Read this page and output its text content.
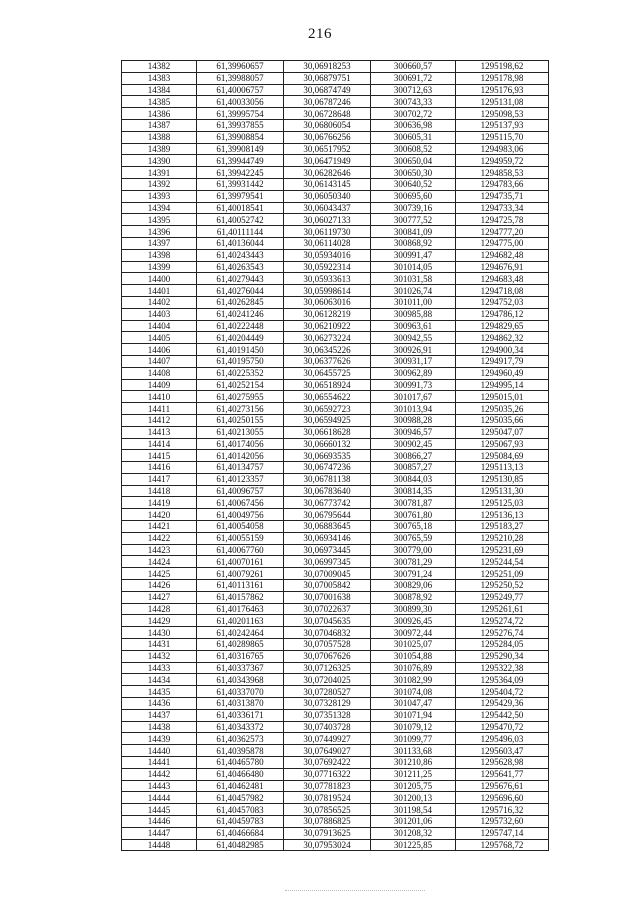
216
14382	61,39960657	30,06918253	300660,57	1295198,62
14383	61,39988057	30,06879751	300691,72	1295178,98
14384	61,40006757	30,06874749	300712,63	1295176,93
14385	61,40033056	30,06787246	300743,33	1295131,08
14386	61,39995754	30,06728648	300702,72	1295098,53
14387	61,39937855	30,06806054	300636,98	1295137,93
14388	61,39908854	30,06766256	300605,31	1295115,70
14389	61,39908149	30,06517952	300608,52	1294983,06
14390	61,39944749	30,06471949	300650,04	1294959,72
14391	61,39942245	30,06282646	300650,30	1294858,53
14392	61,39931442	30,06143145	300640,52	1294783,66
14393	61,39979541	30,06050340	300695,60	1294735,71
14394	61,40018541	30,06043437	300739,16	1294733,34
14395	61,40052742	30,06027133	300777,52	1294725,78
14396	61,40111144	30,06119730	300841,09	1294777,20
14397	61,40136044	30,06114028	300868,92	1294775,00
14398	61,40243443	30,05934016	300991,47	1294682,48
14399	61,40263543	30,05922314	301014,05	1294676,91
14400	61,40279443	30,05933613	301031,58	1294683,48
14401	61,40276044	30,05998614	301026,74	1294718,08
14402	61,40262845	30,06063016	301011,00	1294752,03
14403	61,40241246	30,06128219	300985,88	1294786,12
14404	61,40222448	30,06210922	300963,61	1294829,65
14405	61,40204449	30,06273224	300942,55	1294862,32
14406	61,40191450	30,06345226	300926,91	1294900,34
14407	61,40195750	30,06377626	300931,17	1294917,79
14408	61,40225352	30,06455725	300962,89	1294960,49
14409	61,40252154	30,06518924	300991,73	1294995,14
14410	61,40275955	30,06554622	301017,67	1295015,01
14411	61,40273156	30,06592723	301013,94	1295035,26
14412	61,40250155	30,06594925	300988,28	1295035,66
14413	61,40213055	30,06618628	300946,57	1295047,07
14414	61,40174056	30,06660132	300902,45	1295067,93
14415	61,40142056	30,06693535	300866,27	1295084,69
14416	61,40134757	30,06747236	300857,27	1295113,13
14417	61,40123357	30,06781138	300844,03	1295130,85
14418	61,40096757	30,06783640	300814,35	1295131,30
14419	61,40067456	30,06773742	300781,87	1295125,03
14420	61,40049756	30,06795644	300761,80	1295136,13
14421	61,40054058	30,06883645	300765,18	1295183,27
14422	61,40055159	30,06934146	300765,59	1295210,28
14423	61,40067760	30,06973445	300779,00	1295231,69
14424	61,40070161	30,06997345	300781,29	1295244,54
14425	61,40079261	30,07009045	300791,24	1295251,09
14426	61,40113161	30,07005842	300829,06	1295250,52
14427	61,40157862	30,07001638	300878,92	1295249,77
14428	61,40176463	30,07022637	300899,30	1295261,61
14429	61,40201163	30,07045635	300926,45	1295274,72
14430	61,40242464	30,07046832	300972,44	1295276,74
14431	61,40289865	30,07057528	301025,07	1295284,05
14432	61,40316765	30,07067626	301054,88	1295290,34
14433	61,40337367	30,07126325	301076,89	1295322,38
14434	61,40343968	30,07204025	301082,99	1295364,09
14435	61,40337070	30,07280527	301074,08	1295404,72
14436	61,40313870	30,07328129	301047,47	1295429,36
14437	61,40336171	30,07351328	301071,94	1295442,50
14438	61,40343372	30,07403728	301079,12	1295470,72
14439	61,40362573	30,07449927	301099,77	1295496,03
14440	61,40395878	30,07649027	301133,68	1295603,47
14441	61,40465780	30,07692422	301210,86	1295628,98
14442	61,40466480	30,07716322	301211,25	1295641,77
14443	61,40462481	30,07781823	301205,75	1295676,61
14444	61,40457982	30,07819524	301200,13	1295696,60
14445	61,40457083	30,07856525	301198,54	1295716,32
14446	61,40459783	30,07886825	301201,06	1295732,60
14447	61,40466684	30,07913625	301208,32	1295747,14
14448	61,40482985	30,07953024	301225,85	1295768,72
